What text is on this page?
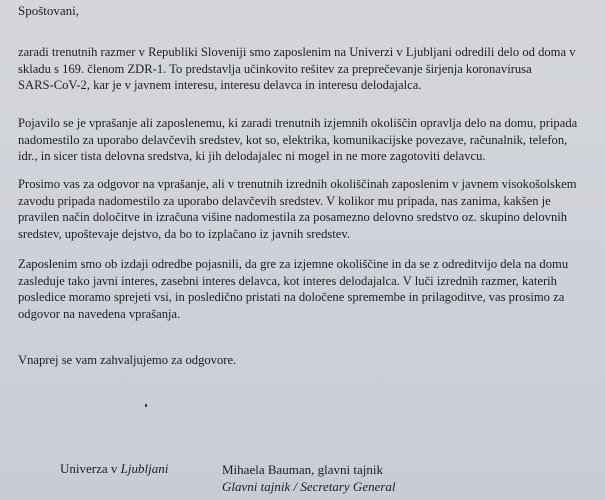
Spoštovani,
zaradi trenutnih razmer v Republiki Sloveniji smo zaposlenim na Univerzi v Ljubljani odredili delo od doma v
skladu s 169. členom ZDR-1. To predstavlja učinkovito rešitev za preprečevanje širjenja koronavirusa
SARS-CoV-2, kar je v javnem interesu, interesu delavca in interesu delodajalca.
Pojavilo se je vprašanje ali zaposlenemu, ki zaradi trenutnih izjemnih okoliščin opravlja delo na domu, pripada
nadomestilo za uporabo delavčevih sredstev, kot so, elektrika, komunikacijske povezave, računalnik, telefon,
idr., in sicer tista delovna sredstva, ki jih delodajalec ni mogel in ne more zagotoviti delavcu.
Prosimo vas za odgovor na vprašanje, ali v trenutnih izrednih okoliščinah zaposlenim v javnem visokošolskem
zavodu pripada nadomestilo za uporabo delavčevih sredstev. V kolikor mu pripada, nas zanima, kakšen je
pravilen način določitve in izračuna višine nadomestila za posamezno delovno sredstvo oz. skupino delovnih
sredstev, upoštevaje dejstvo, da bo to izplačano iz javnih sredstev.
Zaposlenim smo ob izdaji odredbe pojasnili, da gre za izjemne okoliščine in da se z odreditvijo dela na domu
zasleduje tako javni interes, zasebni interes delavca, kot interes delodajalca. V luči izrednih razmer, katerih
posledice moramo sprejeti vsi, in posledično pristati na določene spremembe in prilagoditve, vas prosimo za
odgovor na navedena vprašanja.
Vnaprej se vam zahvaljujemo za odgovore.
Univerza v Ljubljani	Mihaela Bauman, glavni tajnik
Glavni tajnik / Secretary General
